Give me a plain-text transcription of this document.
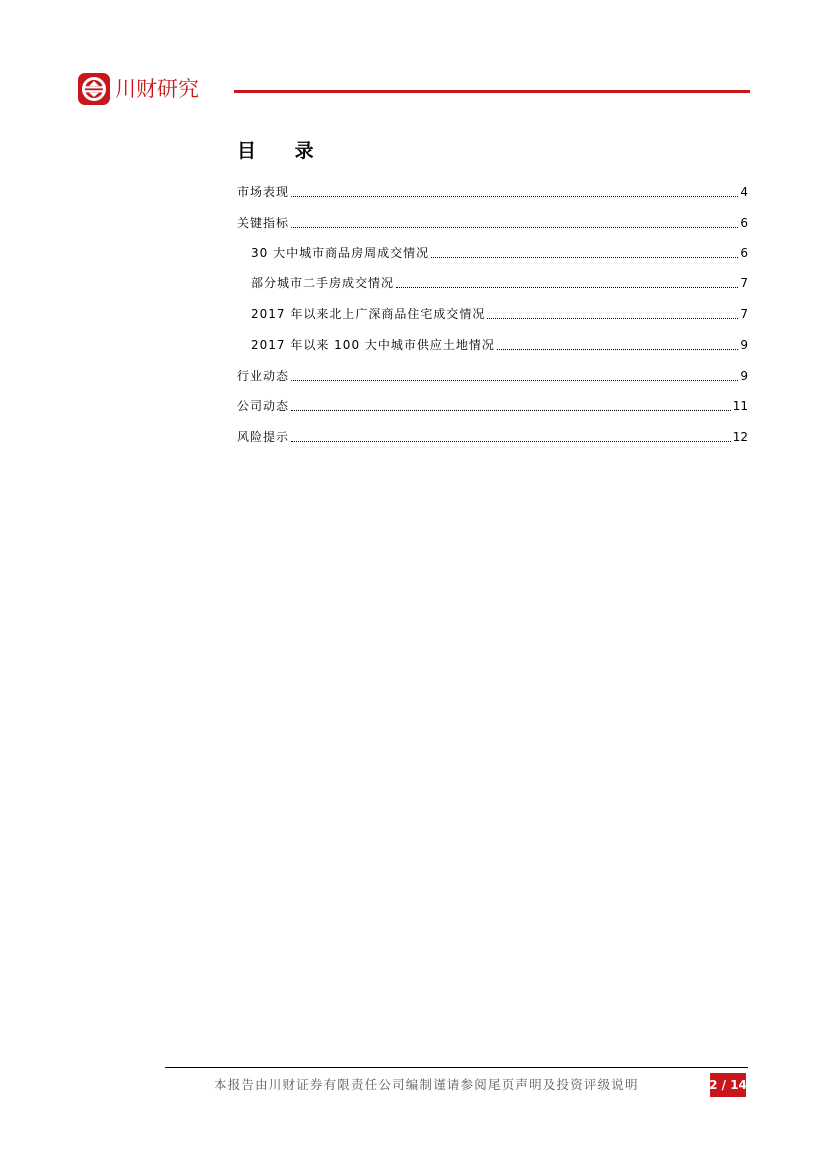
川财研究
目 录
市场表现	4
关键指标	6
30 大中城市商品房周成交情况	6
部分城市二手房成交情况	7
2017 年以来北上广深商品住宅成交情况	7
2017 年以来 100 大中城市供应土地情况	9
行业动态	9
公司动态	11
风险提示	12
本报告由川财证券有限责任公司编制谨请参阅尾页声明及投资评级说明	2 / 14
